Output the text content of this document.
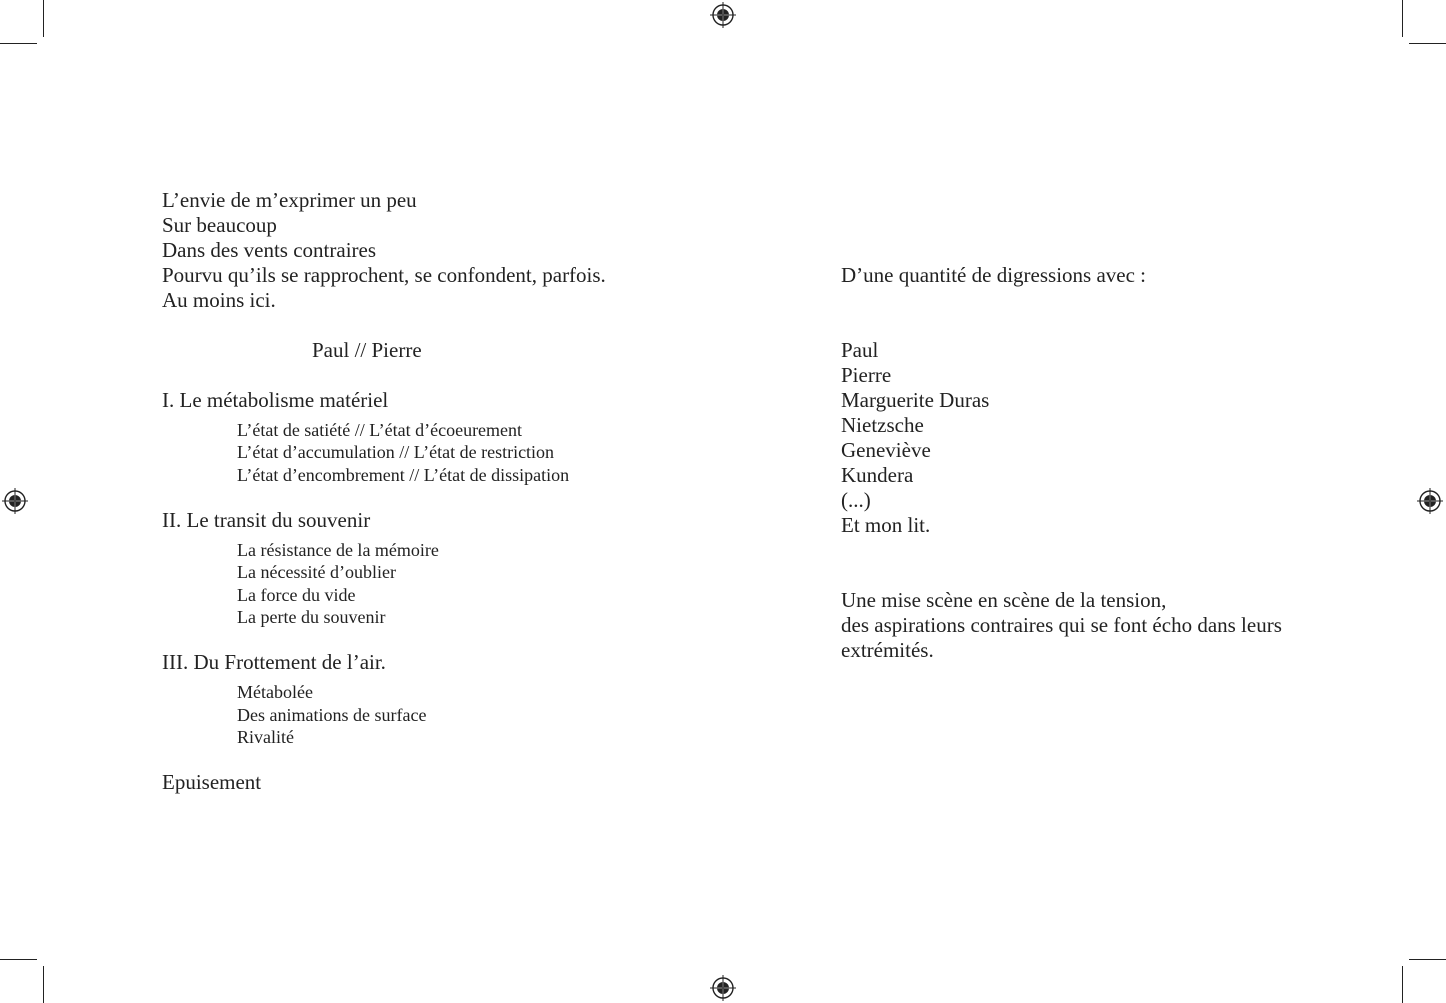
L’envie de m’exprimer un peu
Sur beaucoup
Dans des vents contraires
Pourvu qu’ils se rapprochent, se confondent, parfois.
Au moins ici.
Paul // Pierre
I. Le métabolisme matériel
L’état de satiété // L’état d’écoeurement
L’état d’accumulation // L’état de restriction
L’état d’encombrement // L’état de dissipation
II. Le transit du souvenir
La résistance de la mémoire
La nécessité d’oublier
La force du vide
La perte du souvenir
III. Du Frottement de l’air.
Métabolée
Des animations de surface
Rivalité
Epuisement
D’une quantité de digressions avec :
Paul
Pierre
Marguerite Duras
Nietzsche
Geneviève
Kundera
(...)
Et mon lit.
Une mise scène en scène de la tension,
des aspirations contraires qui se font écho dans leurs
extrémités.
